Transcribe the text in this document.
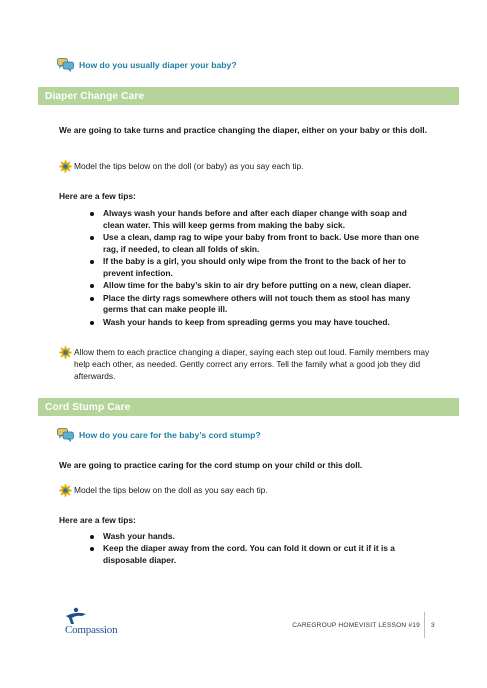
How do you usually diaper your baby?
Diaper Change Care
We are going to take turns and practice changing the diaper, either on your baby or this doll.
Model the tips below on the doll (or baby) as you say each tip.
Here are a few tips:
Always wash your hands before and after each diaper change with soap and clean water. This will keep germs from making the baby sick.
Use a clean, damp rag to wipe your baby from front to back. Use more than one rag, if needed, to clean all folds of skin.
If the baby is a girl, you should only wipe from the front to the back of her to prevent infection.
Allow time for the baby’s skin to air dry before putting on a new, clean diaper.
Place the dirty rags somewhere others will not touch them as stool has many germs that can make people ill.
Wash your hands to keep from spreading germs you may have touched.
Allow them to each practice changing a diaper, saying each step out loud. Family members may help each other, as needed. Gently correct any errors. Tell the family what a good job they did afterwards.
Cord Stump Care
How do you care for the baby’s cord stump?
We are going to practice caring for the cord stump on your child or this doll.
Model the tips below on the doll as you say each tip.
Here are a few tips:
Wash your hands.
Keep the diaper away from the cord. You can fold it down or cut it if it is a disposable diaper.
Compassion	CAREGROUP HOMEVISIT LESSON #19 3
